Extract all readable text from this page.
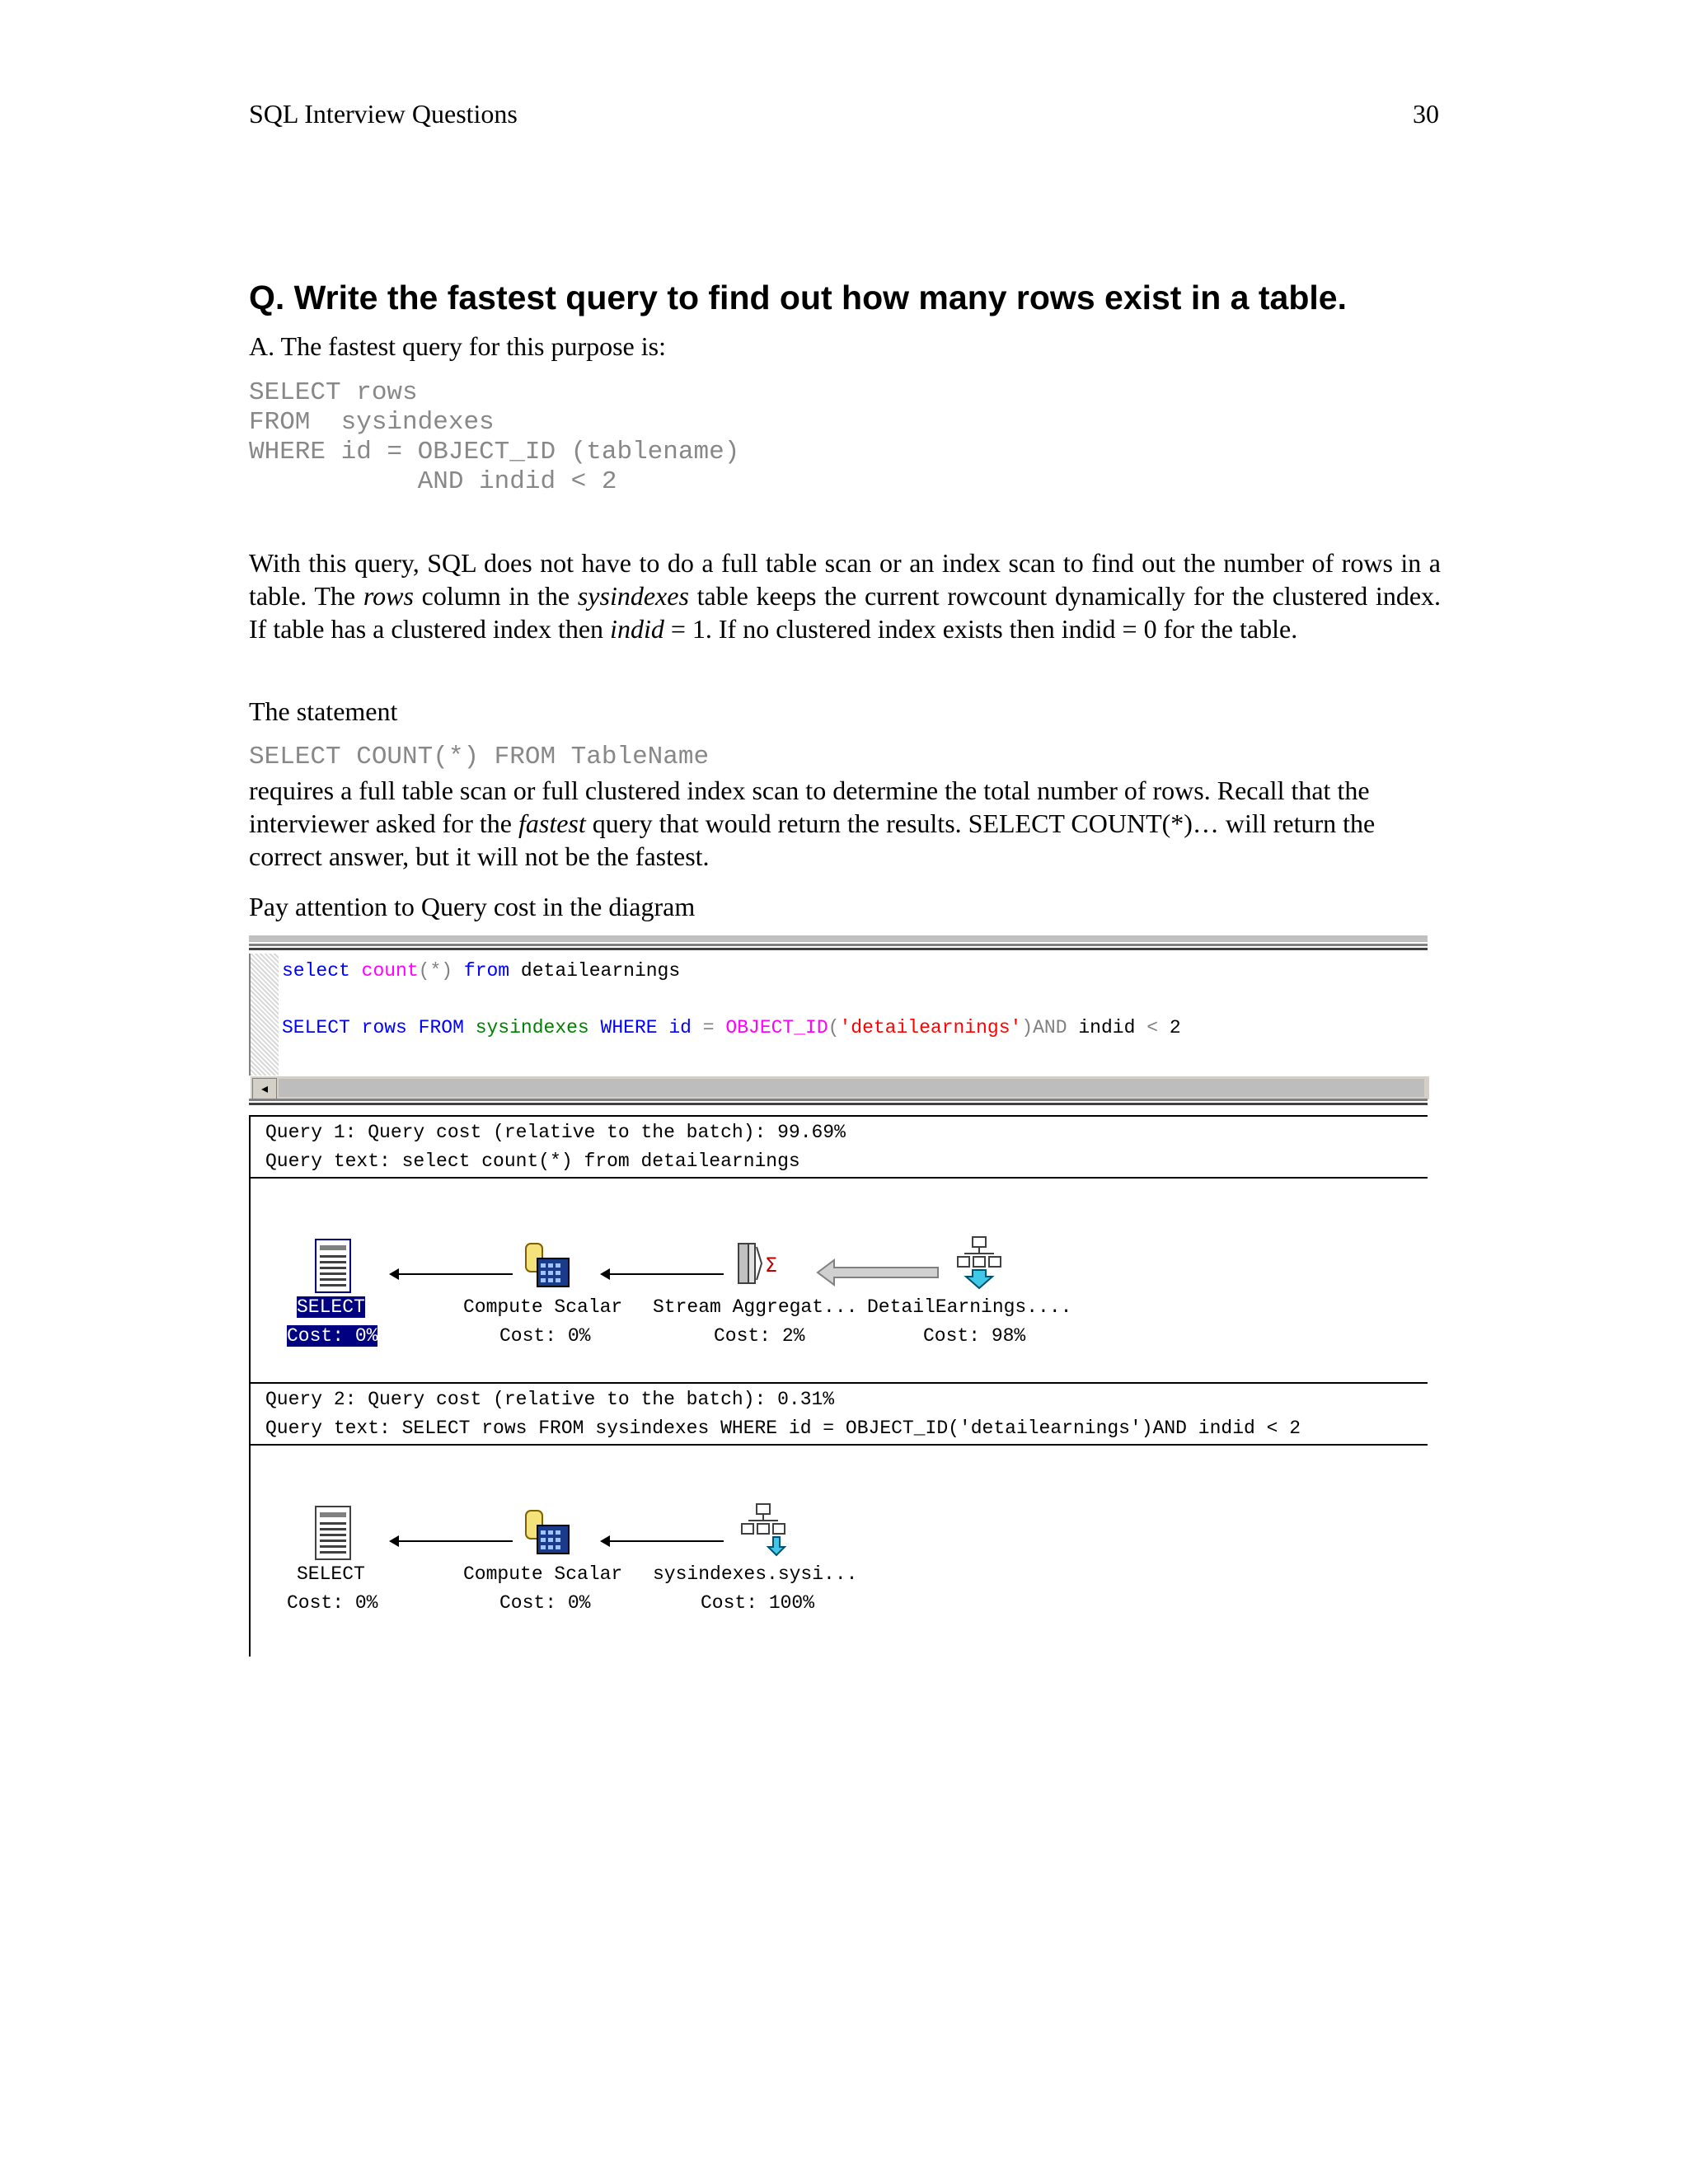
SQL Interview Questions	30
Q. Write the fastest query to find out how many rows exist in a table.
A. The fastest query for this purpose is:
SELECT rows
FROM  sysindexes
WHERE id = OBJECT_ID (tablename)
AND indid < 2
With this query, SQL does not have to do a full table scan or an index scan to find out the number of rows in a table. The rows column in the sysindexes table keeps the current rowcount dynamically for the clustered index. If table has a clustered index then indid = 1. If no clustered index exists then indid = 0 for the table.
The statement
SELECT COUNT(*) FROM TableName
requires a full table scan or full clustered index scan to determine the total number of rows. Recall that the interviewer asked for the fastest query that would return the results. SELECT COUNT(*)… will return the correct answer, but it will not be the fastest.
Pay attention to Query cost in the diagram
select count(*) from detailearnings
SELECT rows FROM sysindexes WHERE id = OBJECT_ID('detailearnings')AND indid < 2
◂
Query 1: Query cost (relative to the batch): 99.69%
Query text: select count(*) from detailearnings
Σ
SELECT
Cost: 0%
Compute Scalar
Cost: 0%
Stream Aggregat...
Cost: 2%
DetailEarnings....
Cost: 98%
Query 2: Query cost (relative to the batch): 0.31%
Query text: SELECT rows FROM sysindexes WHERE id = OBJECT_ID('detailearnings')AND indid < 2
SELECT
Cost: 0%
Compute Scalar
Cost: 0%
sysindexes.sysi...
Cost: 100%
